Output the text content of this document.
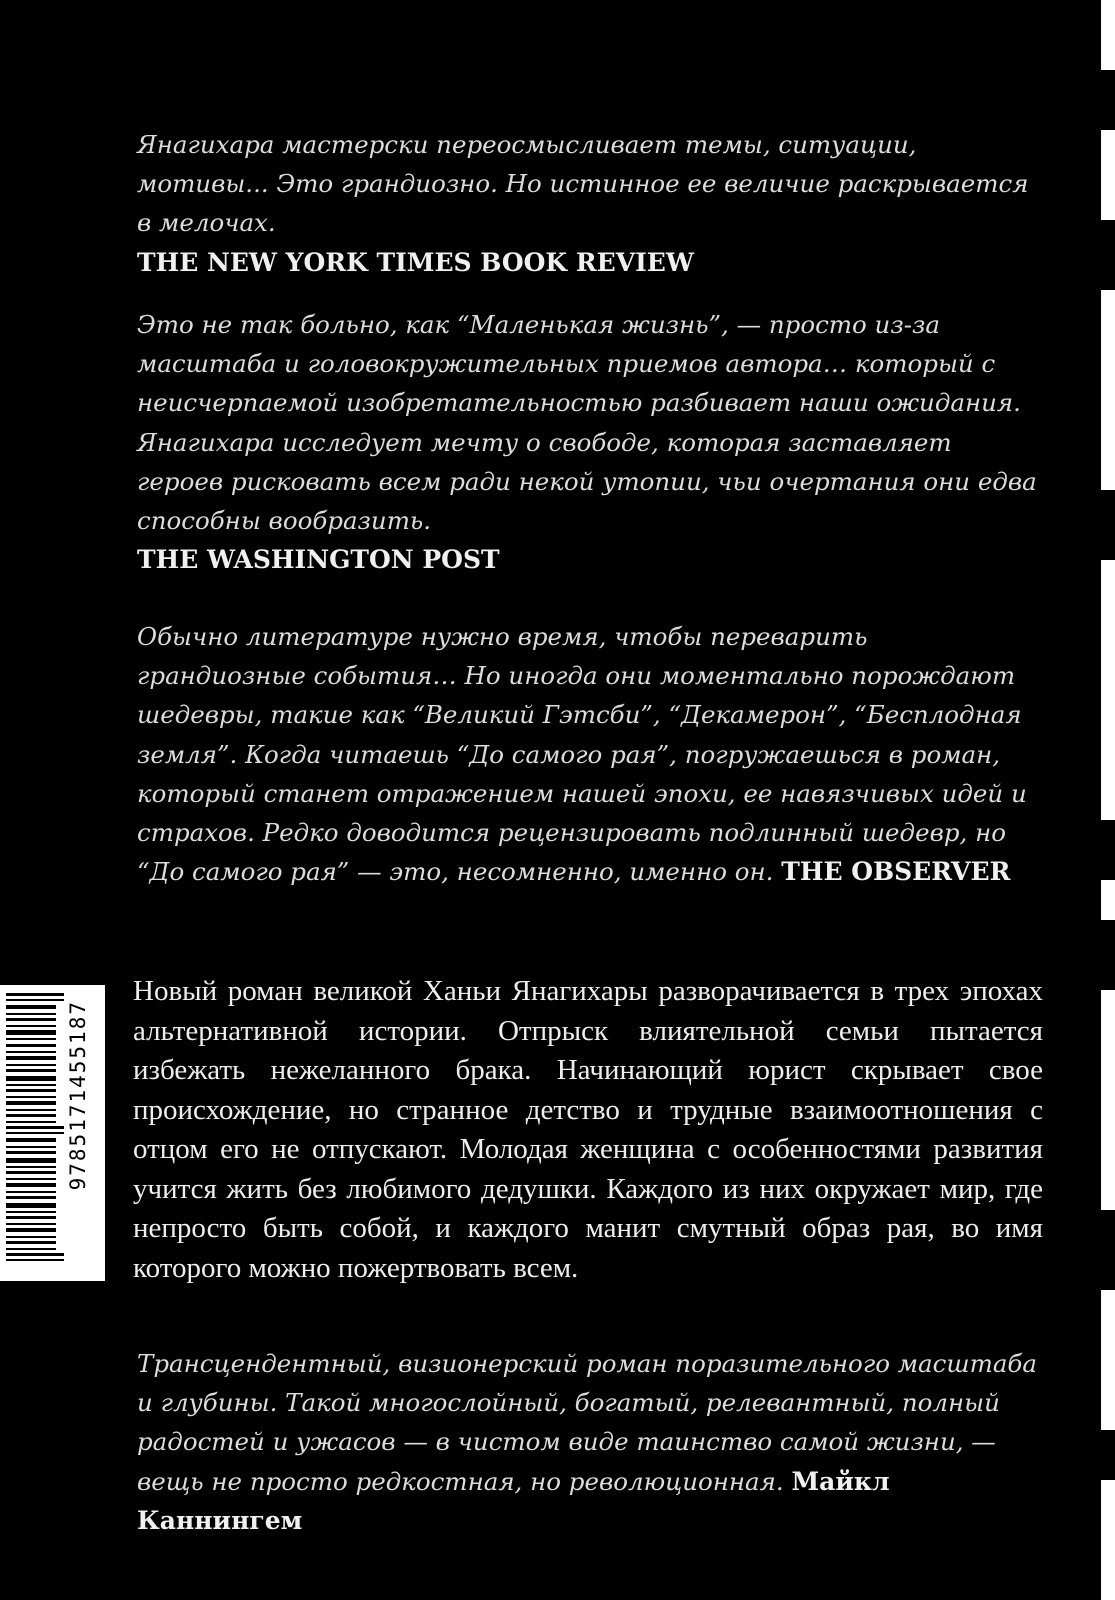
Янагихара мастерски переосмысливает темы, ситуации, мотивы... Это грандиозно. Но истинное ее величие раскрывается в мелочах.
THE NEW YORK TIMES BOOK REVIEW

Это не так больно, как “Маленькая жизнь”, — просто из-за масштаба и головокружительных приемов автора… который с неисчерпаемой изобретательностью разбивает наши ожидания. Янагихара исследует мечту о свободе, которая заставляет героев рисковать всем ради некой утопии, чьи очертания они едва способны вообразить.
THE WASHINGTON POST

Обычно литературе нужно время, чтобы переварить грандиозные события… Но иногда они моментально порождают шедевры, такие как “Великий Гэтсби”, “Декамерон”, “Бесплодная земля”. Когда читаешь “До самого рая”, погружаешься в роман, который станет отражением нашей эпохи, ее навязчивых идей и страхов. Редко доводится рецензировать подлинный шедевр, но “До самого рая” — это, несомненно, именно он. THE OBSERVER

Новый роман великой Ханьи Янагихары разворачивается в трех эпохах альтернативной истории. Отпрыск влиятельной семьи пытается избежать нежеланного брака. Начинающий юрист скрывает свое происхождение, но странное детство и трудные взаимоотношения с отцом его не отпускают. Молодая женщина с особенностями развития учится жить без любимого дедушки. Каждого из них окружает мир, где непросто быть собой, и каждого манит смутный образ рая, во имя которого можно пожертвовать всем.

Трансцендентный, визионерский роман поразительного масштаба и глубины. Такой многослойный, богатый, релевантный, полный радостей и ужасов — в чистом виде таинство самой жизни, — вещь не просто редкостная, но революционная. Майкл Каннингем

9785171455187
